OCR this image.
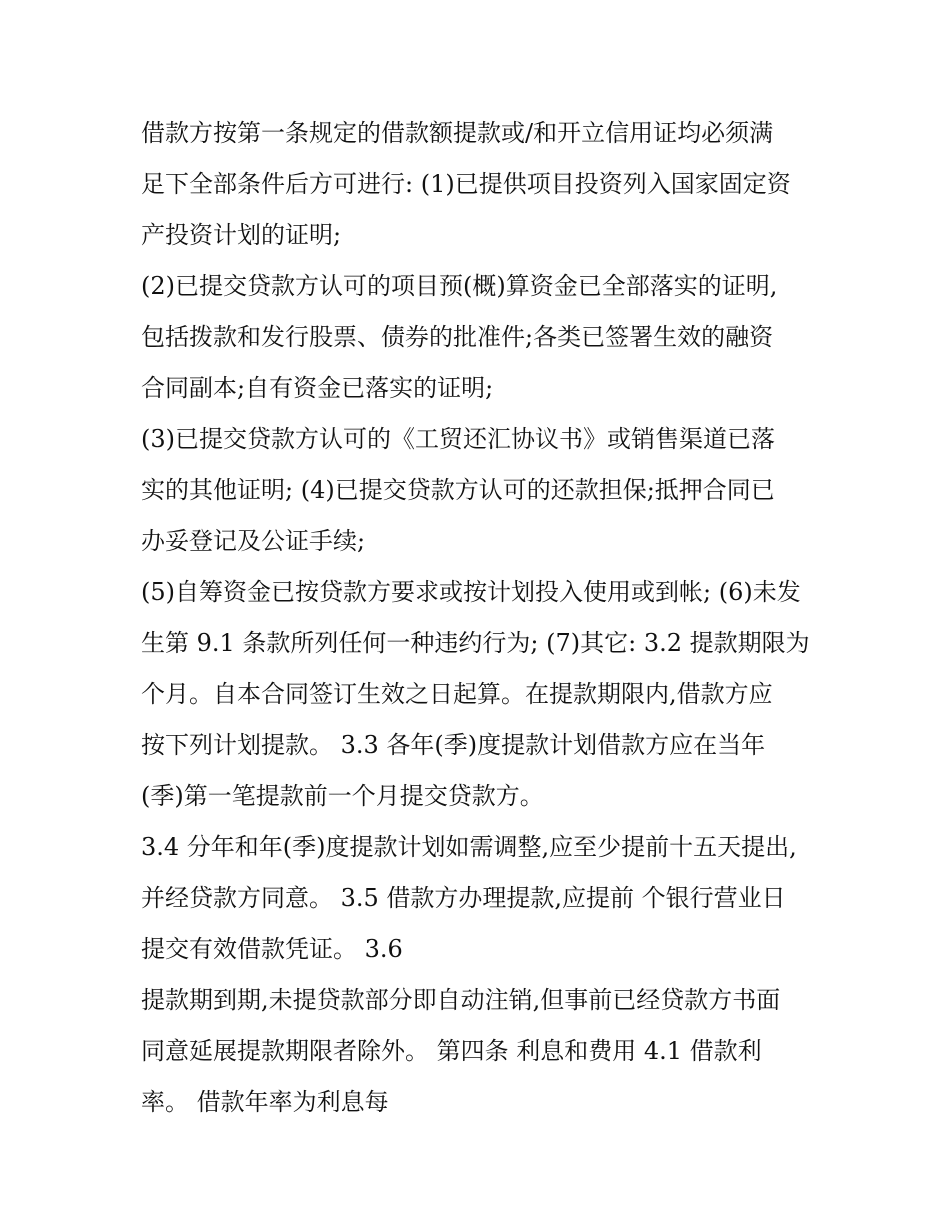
借款方按第一条规定的借款额提款或/和开立信用证均必须满
足下全部条件后方可进行: (1)已提供项目投资列入国家固定资
产投资计划的证明;
(2)已提交贷款方认可的项目预(概)算资金已全部落实的证明,
包括拨款和发行股票、债券的批准件;各类已签署生效的融资
合同副本;自有资金已落实的证明;
(3)已提交贷款方认可的《工贸还汇协议书》或销售渠道已落
实的其他证明; (4)已提交贷款方认可的还款担保;抵押合同已
办妥登记及公证手续;
(5)自筹资金已按贷款方要求或按计划投入使用或到帐; (6)未发
生第 9.1 条款所列任何一种违约行为; (7)其它: 3.2 提款期限为
个月。自本合同签订生效之日起算。在提款期限内,借款方应
按下列计划提款。 3.3 各年(季)度提款计划借款方应在当年
(季)第一笔提款前一个月提交贷款方。
3.4 分年和年(季)度提款计划如需调整,应至少提前十五天提出,
并经贷款方同意。 3.5 借款方办理提款,应提前 个银行营业日
提交有效借款凭证。 3.6
提款期到期,未提贷款部分即自动注销,但事前已经贷款方书面
同意延展提款期限者除外。 第四条 利息和费用 4.1 借款利
率。 借款年率为利息每
